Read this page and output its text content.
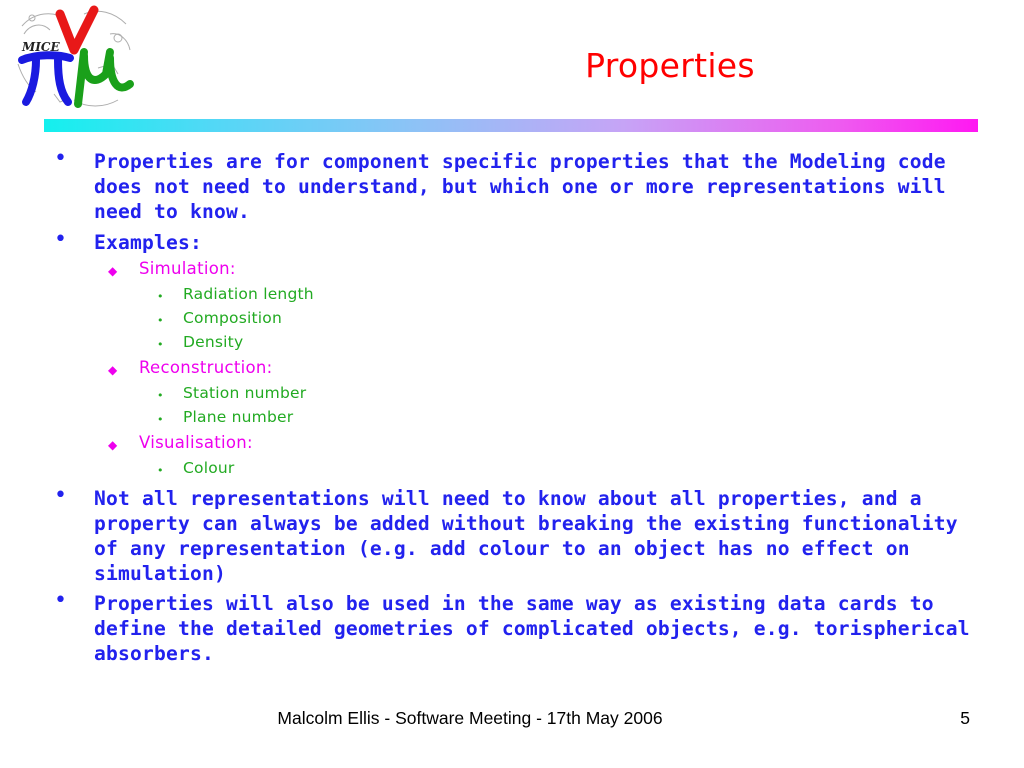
MICE	Properties
• Properties are for component specific properties that the Modeling code does not need to understand, but which one or more representations will need to know.
• Examples:
◆ Simulation:
• Radiation length
• Composition
• Density
◆ Reconstruction:
• Station number
• Plane number
◆ Visualisation:
• Colour
• Not all representations will need to know about all properties, and a property can always be added without breaking the existing functionality of any representation (e.g. add colour to an object has no effect on simulation)
• Properties will also be used in the same way as existing data cards to define the detailed geometries of complicated objects, e.g. torispherical absorbers.
Malcolm Ellis - Software Meeting - 17th May 2006	5
